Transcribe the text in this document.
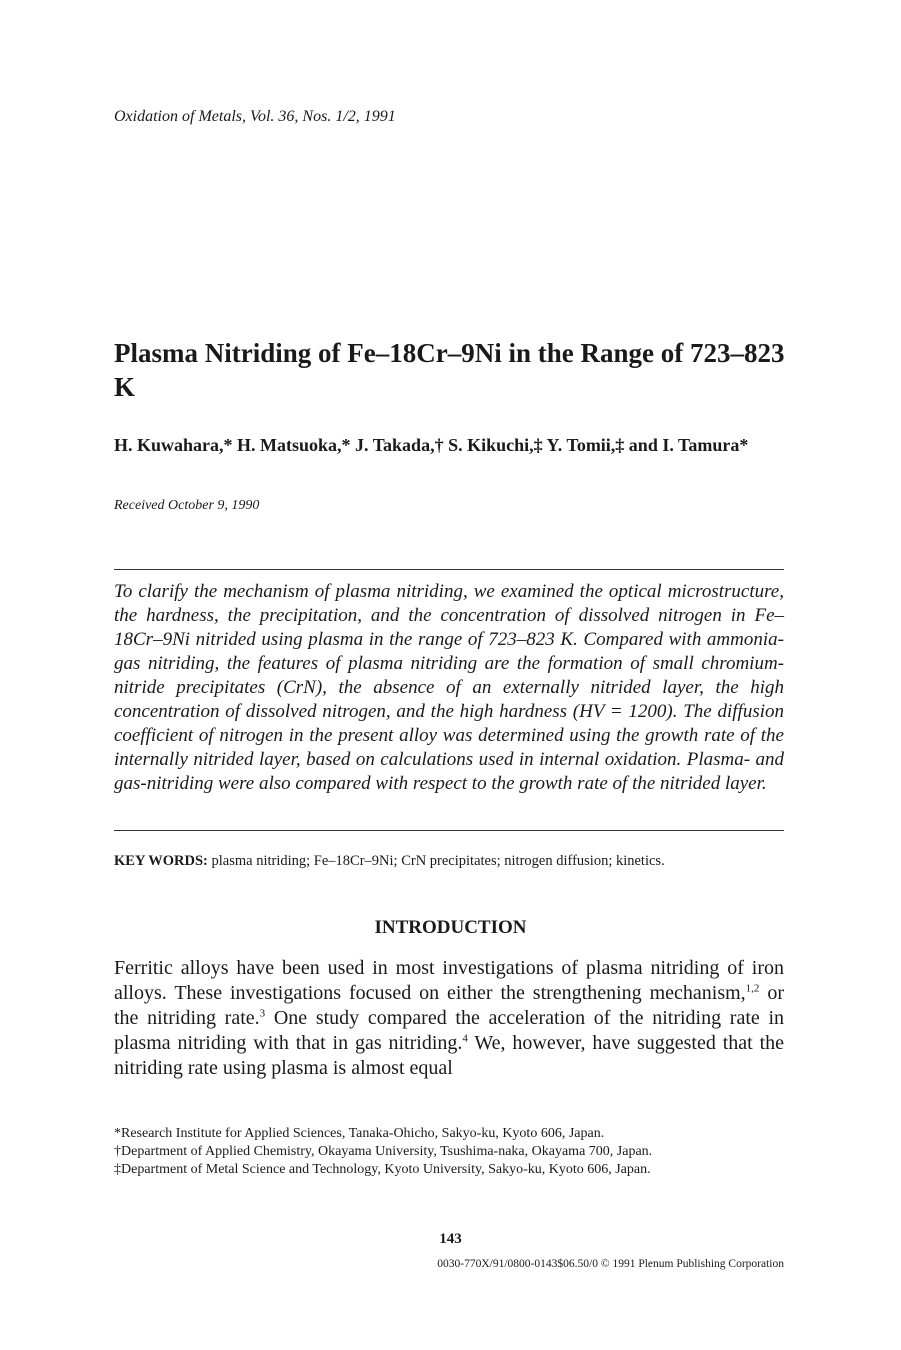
Oxidation of Metals, Vol. 36, Nos. 1/2, 1991
Plasma Nitriding of Fe–18Cr–9Ni in the Range of 723–823 K
H. Kuwahara,* H. Matsuoka,* J. Takada,† S. Kikuchi,‡ Y. Tomii,‡ and I. Tamura*
Received October 9, 1990
To clarify the mechanism of plasma nitriding, we examined the optical microstructure, the hardness, the precipitation, and the concentration of dissolved nitrogen in Fe–18Cr–9Ni nitrided using plasma in the range of 723–823 K. Compared with ammonia-gas nitriding, the features of plasma nitriding are the formation of small chromium-nitride precipitates (CrN), the absence of an externally nitrided layer, the high concentration of dissolved nitrogen, and the high hardness (HV = 1200). The diffusion coefficient of nitrogen in the present alloy was determined using the growth rate of the internally nitrided layer, based on calculations used in internal oxidation. Plasma- and gas-nitriding were also compared with respect to the growth rate of the nitrided layer.
KEY WORDS: plasma nitriding; Fe–18Cr–9Ni; CrN precipitates; nitrogen diffusion; kinetics.
INTRODUCTION
Ferritic alloys have been used in most investigations of plasma nitriding of iron alloys. These investigations focused on either the strengthening mechanism,$^{1,2}$ or the nitriding rate.$^3$ One study compared the acceleration of the nitriding rate in plasma nitriding with that in gas nitriding.$^4$ We, however, have suggested that the nitriding rate using plasma is almost equal
*Research Institute for Applied Sciences, Tanaka-Ohicho, Sakyo-ku, Kyoto 606, Japan.
†Department of Applied Chemistry, Okayama University, Tsushima-naka, Okayama 700, Japan.
‡Department of Metal Science and Technology, Kyoto University, Sakyo-ku, Kyoto 606, Japan.
143
0030-770X/91/0800-0143$06.50/0 © 1991 Plenum Publishing Corporation
